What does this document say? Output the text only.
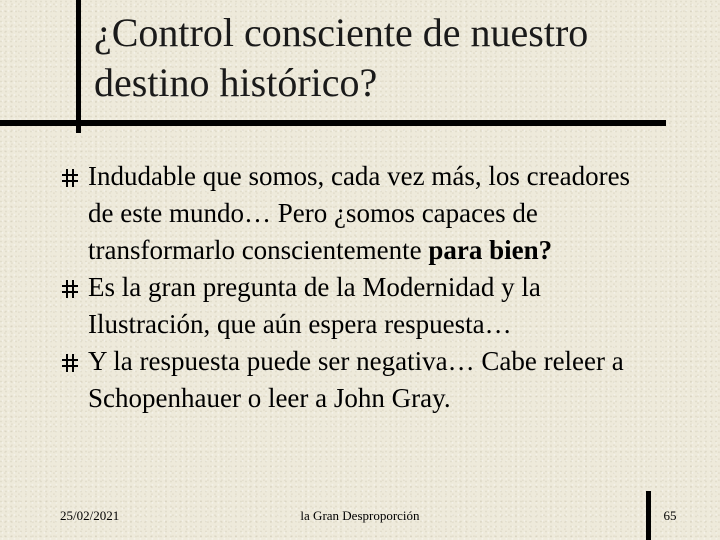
¿Control consciente de nuestro destino histórico?
Indudable que somos, cada vez más, los creadores de este mundo… Pero ¿somos capaces de transformarlo conscientemente para bien?
Es la gran pregunta de la Modernidad y la Ilustración, que aún espera respuesta…
Y la respuesta puede ser negativa… Cabe releer a Schopenhauer o leer a John Gray.
25/02/2021	la Gran Desproporción	65
